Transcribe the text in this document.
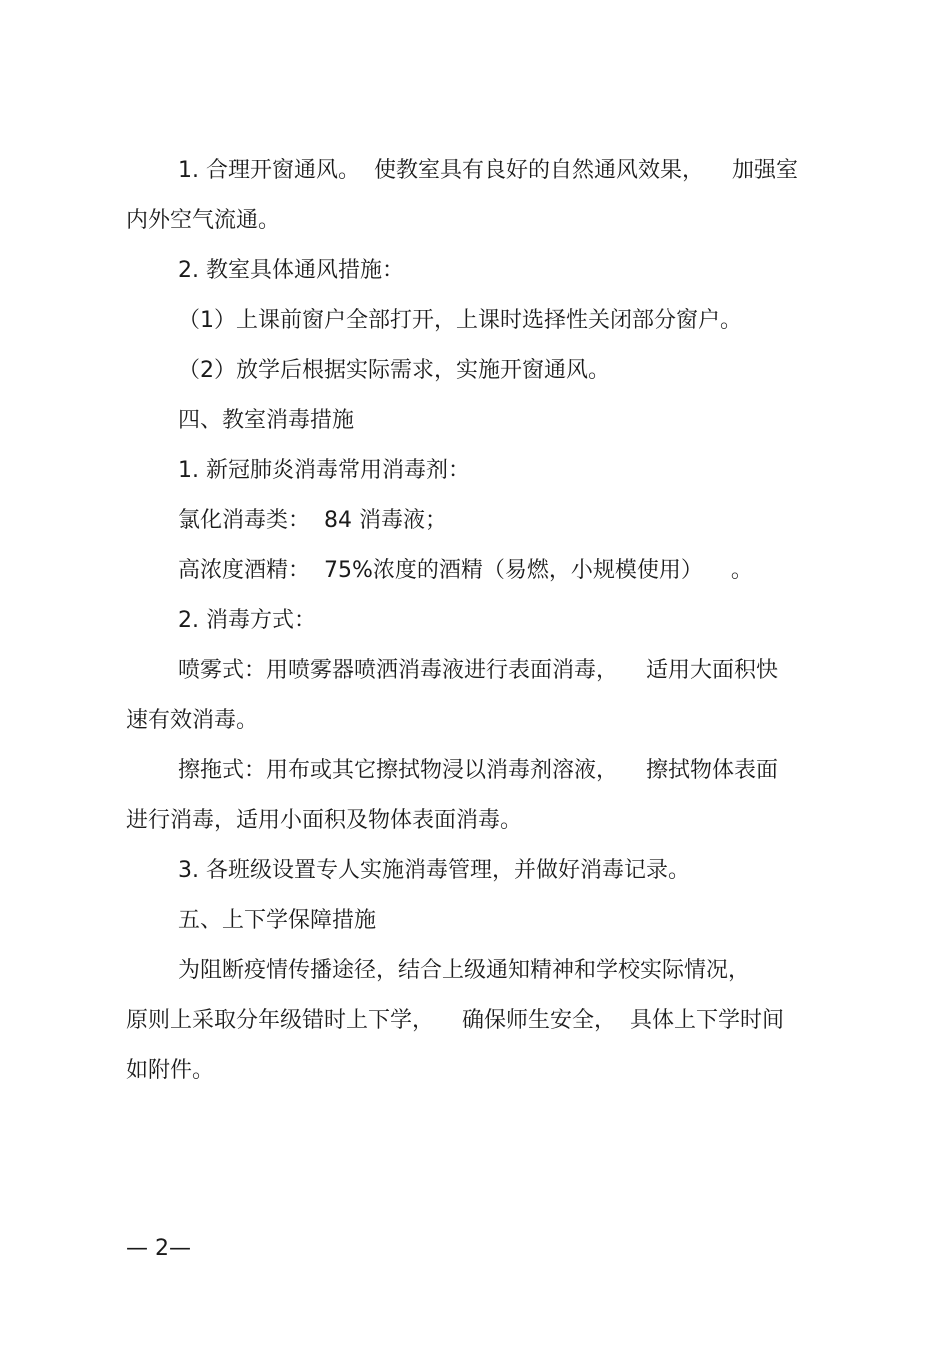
1. 合理开窗通风。  使教室具有良好的自然通风效果，    加强室

内外空气流通。

2. 教室具体通风措施：

（1）上课前窗户全部打开，上课时选择性关闭部分窗户。

（2）放学后根据实际需求，实施开窗通风。

四、教室消毒措施

1. 新冠肺炎消毒常用消毒剂：

氯化消毒类：  84 消毒液；

高浓度酒精：  75%浓度的酒精（易燃，小规模使用）    。

2. 消毒方式：

喷雾式：用喷雾器喷洒消毒液进行表面消毒，    适用大面积快

速有效消毒。

擦拖式：用布或其它擦拭物浸以消毒剂溶液，    擦拭物体表面

进行消毒，适用小面积及物体表面消毒。

3. 各班级设置专人实施消毒管理，并做好消毒记录。

五、上下学保障措施

为阻断疫情传播途径，结合上级通知精神和学校实际情况，

原则上采取分年级错时上下学，    确保师生安全，  具体上下学时间

如附件。

— 2—
